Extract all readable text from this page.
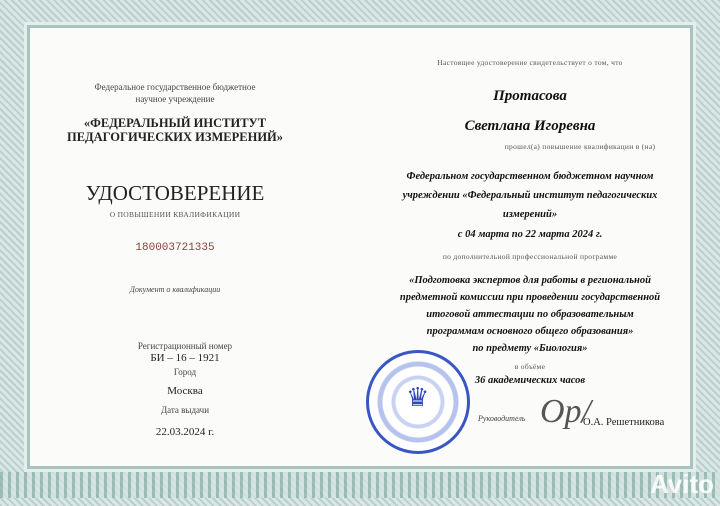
Федеральное государственное бюджетное
научное учреждение
«ФЕДЕРАЛЬНЫЙ ИНСТИТУТ
ПЕДАГОГИЧЕСКИХ ИЗМЕРЕНИЙ»
УДОСТОВЕРЕНИЕ
О ПОВЫШЕНИИ КВАЛИФИКАЦИИ
180003721335
Документ о квалификации
Регистрационный номер
БИ – 16 – 1921
Город
Москва
Дата выдачи
22.03.2024 г.
Настоящее удостоверение свидетельствует о том, что
Протасова
Светлана Игоревна
прошел(а) повышение квалификации в (на)
Федеральном государственном бюджетном научном
учреждении «Федеральный институт педагогических
измерений»
с 04 марта по 22 марта 2024 г.
по дополнительной профессиональной программе
«Подготовка экспертов для работы в региональной
предметной комиссии при проведении государственной
итоговой аттестации по образовательным
программам основного общего образования»
по предмету «Биология»
в объёме
36 академических часов
♛
Руководитель Ор/
О.А. Решетникова
Avito
